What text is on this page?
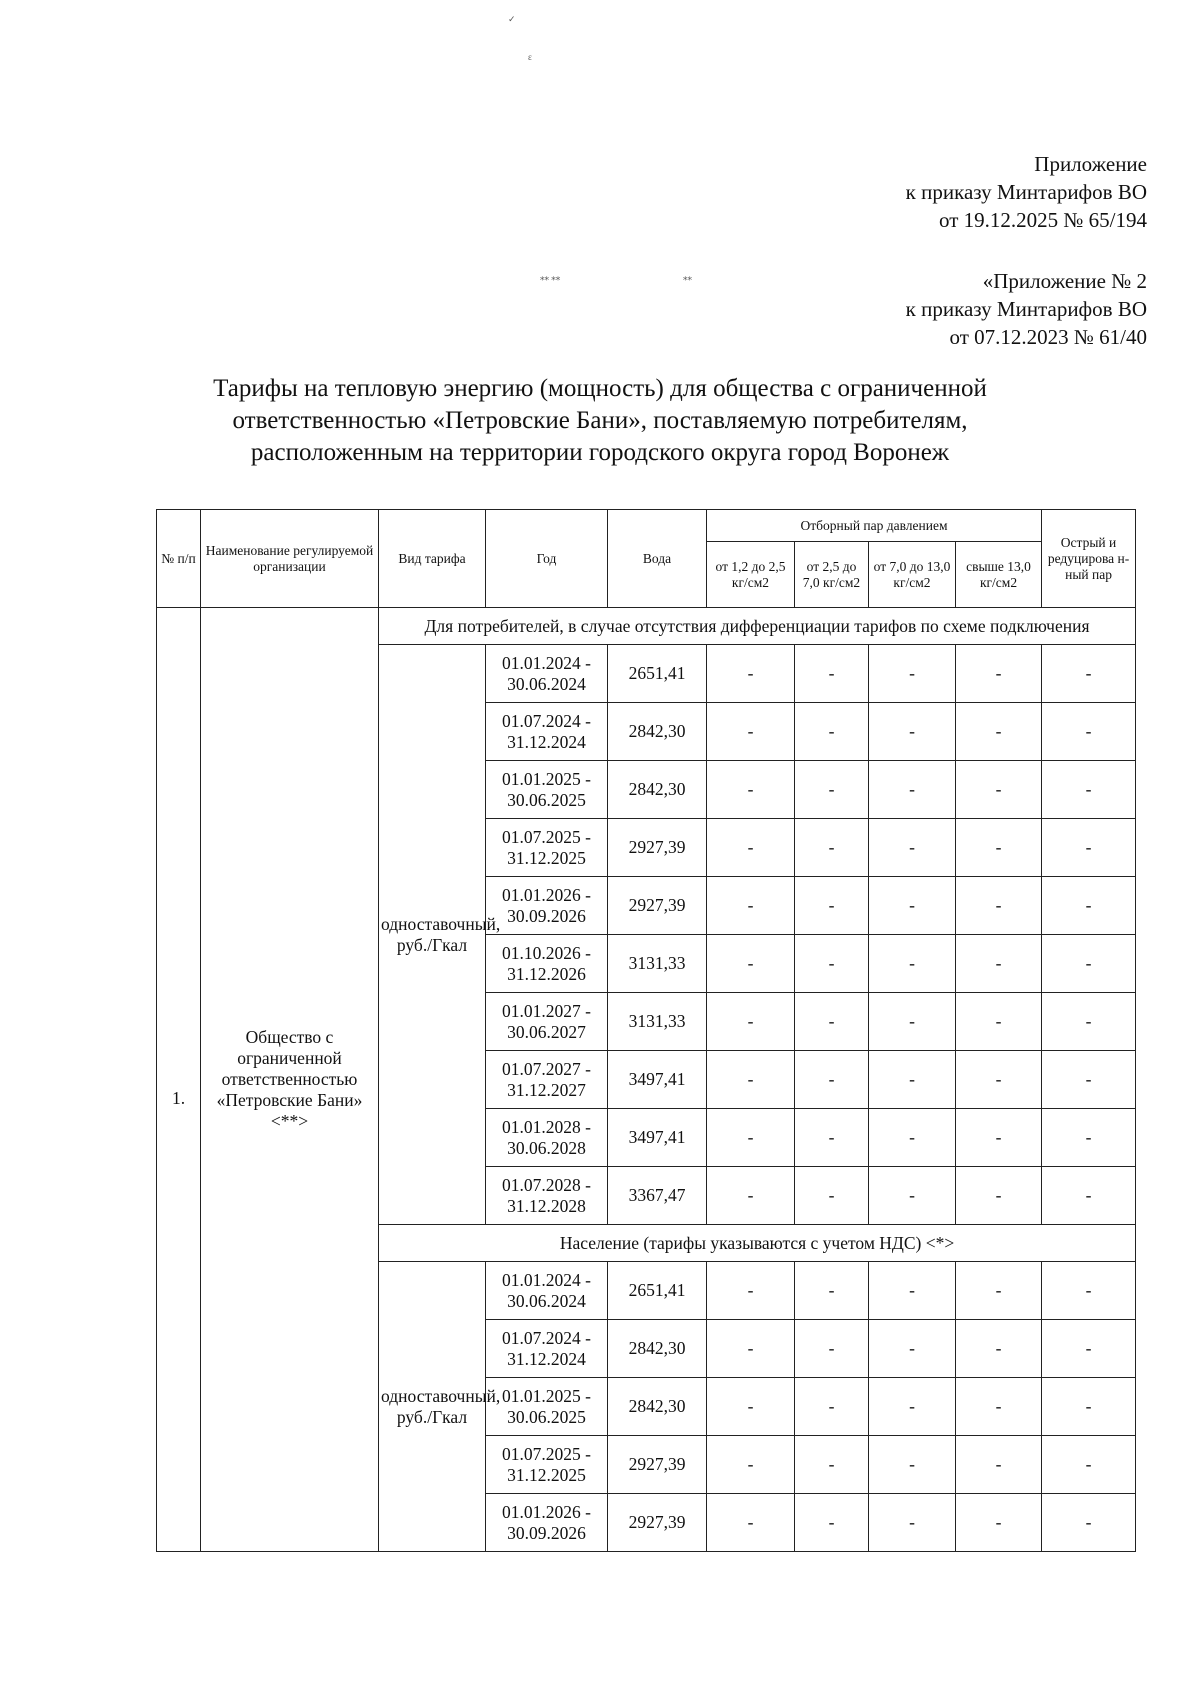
✓
ɛ
⁎⁎ ⁎⁎	⁎⁎
Приложение
к приказу Минтарифов ВО
от 19.12.2025 № 65/194
«Приложение № 2
к приказу Минтарифов ВО
от 07.12.2023 № 61/40
Тарифы на тепловую энергию (мощность) для общества с ограниченной
ответственностью «Петровские Бани», поставляемую потребителям,
расположенным на территории городского округа город Воронеж
№ п/п	Наименование регулируемой организации	Вид тарифа	Год	Вода	Отборный пар давлением				Острый и редуцирова н- ный пар
					от 1,2 до 2,5 кг/см2	от 2,5 до 7,0 кг/см2	от 7,0 до 13,0 кг/см2	свыше 13,0 кг/см2	
1.	Общество с ограниченной ответственностью «Петровские Бани» <**>	Для потребителей, в случае отсутствия дифференциации тарифов по схеме подключения							
		одноставочный, руб./Гкал	01.01.2024 - 30.06.2024	2651,41	-	-	-	-	-
			01.07.2024 - 31.12.2024	2842,30	-	-	-	-	-
			01.01.2025 - 30.06.2025	2842,30	-	-	-	-	-
			01.07.2025 - 31.12.2025	2927,39	-	-	-	-	-
			01.01.2026 - 30.09.2026	2927,39	-	-	-	-	-
			01.10.2026 - 31.12.2026	3131,33	-	-	-	-	-
			01.01.2027 - 30.06.2027	3131,33	-	-	-	-	-
			01.07.2027 - 31.12.2027	3497,41	-	-	-	-	-
			01.01.2028 - 30.06.2028	3497,41	-	-	-	-	-
			01.07.2028 - 31.12.2028	3367,47	-	-	-	-	-
		Население (тарифы указываются с учетом НДС) <*>							
		одноставочный, руб./Гкал	01.01.2024 - 30.06.2024	2651,41	-	-	-	-	-
			01.07.2024 - 31.12.2024	2842,30	-	-	-	-	-
			01.01.2025 - 30.06.2025	2842,30	-	-	-	-	-
			01.07.2025 - 31.12.2025	2927,39	-	-	-	-	-
			01.01.2026 - 30.09.2026	2927,39	-	-	-	-	-
